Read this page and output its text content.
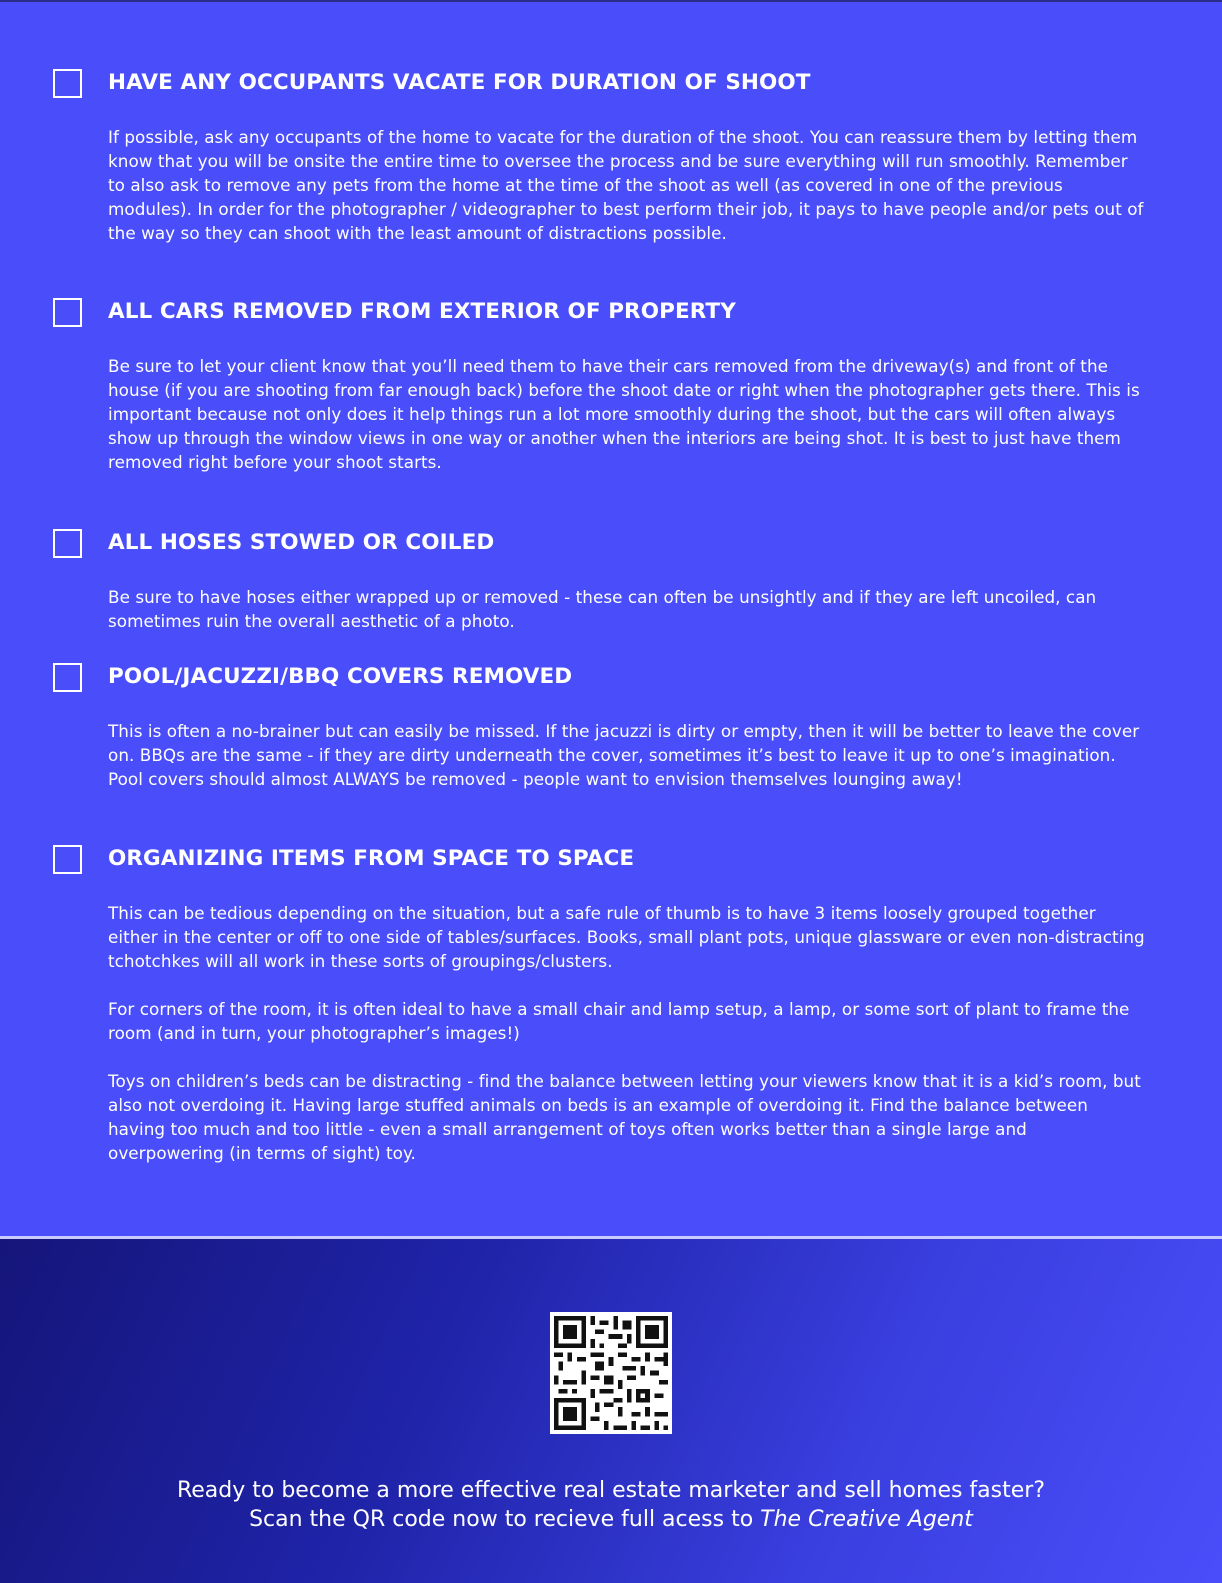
HAVE ANY OCCUPANTS VACATE FOR DURATION OF SHOOT

If possible, ask any occupants of the home to vacate for the duration of the shoot. You can reassure them by letting them know that you will be onsite the entire time to oversee the process and be sure everything will run smoothly. Remember to also ask to remove any pets from the home at the time of the shoot as well (as covered in one of the previous modules). In order for the photographer / videographer to best perform their job, it pays to have people and/or pets out of the way so they can shoot with the least amount of distractions possible.

ALL CARS REMOVED FROM EXTERIOR OF PROPERTY

Be sure to let your client know that you’ll need them to have their cars removed from the driveway(s) and front of the house (if you are shooting from far enough back) before the shoot date or right when the photographer gets there. This is important because not only does it help things run a lot more smoothly during the shoot, but the cars will often always show up through the window views in one way or another when the interiors are being shot. It is best to just have them removed right before your shoot starts.

ALL HOSES STOWED OR COILED

Be sure to have hoses either wrapped up or removed - these can often be unsightly and if they are left uncoiled, can sometimes ruin the overall aesthetic of a photo.

POOL/JACUZZI/BBQ COVERS REMOVED

This is often a no-brainer but can easily be missed. If the jacuzzi is dirty or empty, then it will be better to leave the cover on. BBQs are the same - if they are dirty underneath the cover, sometimes it’s best to leave it up to one’s imagination. Pool covers should almost ALWAYS be removed - people want to envision themselves lounging away!

ORGANIZING ITEMS FROM SPACE TO SPACE

This can be tedious depending on the situation, but a safe rule of thumb is to have 3 items loosely grouped together either in the center or off to one side of tables/surfaces. Books, small plant pots, unique glassware or even non-distracting tchotchkes will all work in these sorts of groupings/clusters.

For corners of the room, it is often ideal to have a small chair and lamp setup, a lamp, or some sort of plant to frame the room (and in turn, your photographer’s images!)

Toys on children’s beds can be distracting - find the balance between letting your viewers know that it is a kid’s room, but also not overdoing it. Having large stuffed animals on beds is an example of overdoing it. Find the balance between having too much and too little - even a small arrangement of toys often works better than a single large and overpowering (in terms of sight) toy.

Ready to become a more effective real estate marketer and sell homes faster?
Scan the QR code now to recieve full acess to The Creative Agent
